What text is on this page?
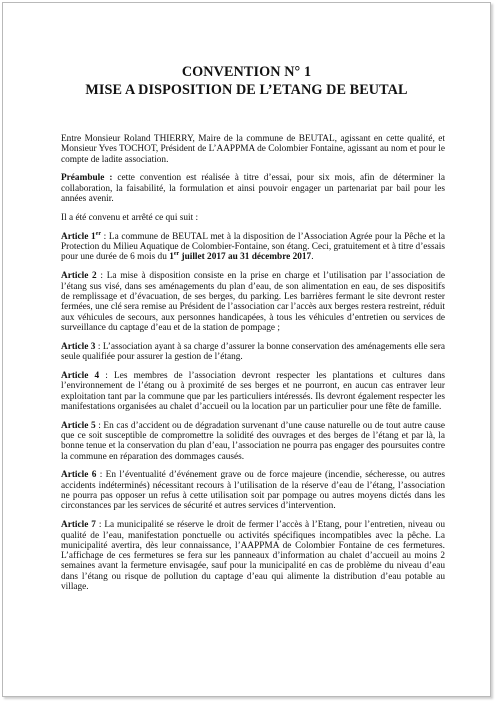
CONVENTION N° 1
MISE A DISPOSITION DE L’ETANG DE BEUTAL

Entre Monsieur Roland THIERRY, Maire de la commune de BEUTAL, agissant en cette qualité, et Monsieur Yves TOCHOT, Président de L’AAPPMA de Colombier Fontaine, agissant au nom et pour le compte de ladite association.

Préambule : cette convention est réalisée à titre d’essai, pour six mois, afin de déterminer la collaboration, la faisabilité, la formulation et ainsi pouvoir engager un partenariat par bail pour les années avenir.

Il a été convenu et arrêté ce qui suit :

Article 1er : La commune de BEUTAL met à la disposition de l’Association Agrée pour la Pêche et la Protection du Milieu Aquatique de Colombier-Fontaine, son étang. Ceci, gratuitement et à titre d’essais pour une durée de 6 mois du 1er juillet 2017 au 31 décembre 2017.

Article 2 : La mise à disposition consiste en la prise en charge et l’utilisation par l’association de l’étang sus visé, dans ses aménagements du plan d’eau, de son alimentation en eau, de ses dispositifs de remplissage et d’évacuation, de ses berges, du parking. Les barrières fermant le site devront rester fermées, une clé sera remise au Président de l’association car l’accès aux berges restera restreint, réduit aux véhicules de secours, aux personnes handicapées, à tous les véhicules d’entretien ou services de surveillance du captage d’eau et de la station de pompage ;

Article 3 : L’association ayant à sa charge d’assurer la bonne conservation des aménagements elle sera seule qualifiée pour assurer la gestion de l’étang.

Article 4 : Les membres de l’association devront respecter les plantations et cultures dans l’environnement de l’étang ou à proximité de ses berges et ne pourront, en aucun cas entraver leur exploitation tant par la commune que par les particuliers intéressés. Ils devront également respecter les manifestations organisées au chalet d’accueil ou la location par un particulier pour une fête de famille.

Article 5 : En cas d’accident ou de dégradation survenant d’une cause naturelle ou de tout autre cause que ce soit susceptible de compromettre la solidité des ouvrages et des berges de l’étang et par là, la bonne tenue et la conservation du plan d’eau, l’association ne pourra pas engager des poursuites contre la commune en réparation des dommages causés.

Article 6 : En l’éventualité d’événement grave ou de force majeure (incendie, sécheresse, ou autres accidents indéterminés) nécessitant recours à l’utilisation de la réserve d’eau de l’étang, l’association ne pourra pas opposer un refus à cette utilisation soit par pompage ou autres moyens dictés dans les circonstances par les services de sécurité et autres services d’intervention.

Article 7 : La municipalité se réserve le droit de fermer l’accès à l’Etang, pour l’entretien, niveau ou qualité de l’eau, manifestation ponctuelle ou activités spécifiques incompatibles avec la pêche. La municipalité avertira, dès leur connaissance, l’AAPPMA de Colombier Fontaine de ces fermetures. L’affichage de ces fermetures se fera sur les panneaux d’information au chalet d’accueil au moins 2 semaines avant la fermeture envisagée, sauf pour la municipalité en cas de problème du niveau d’eau dans l’étang ou risque de pollution du captage d’eau qui alimente la distribution d’eau potable au village.
